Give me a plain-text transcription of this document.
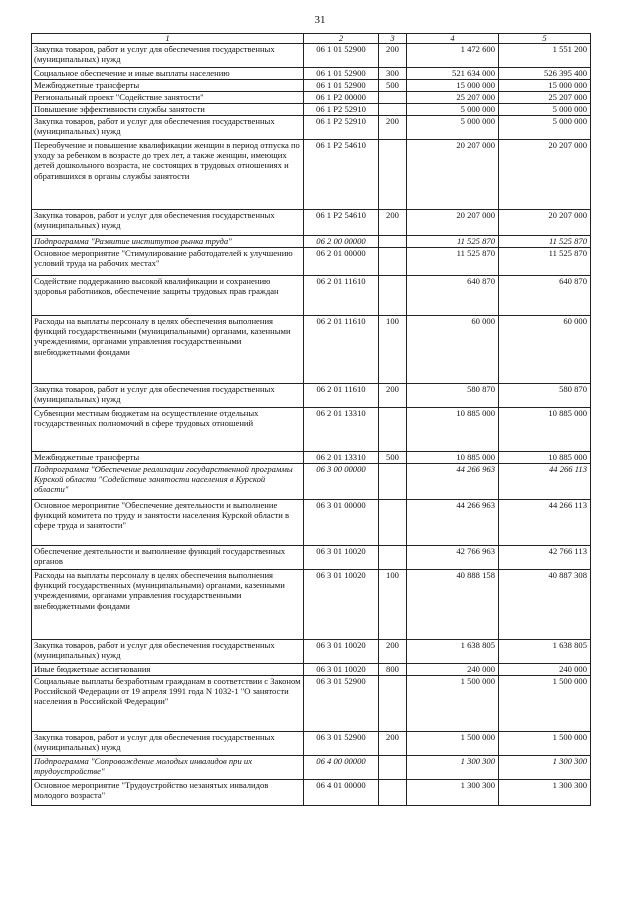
31
1	2	3	4	5
Закупка товаров, работ и услуг для обеспечения государственных (муниципальных) нужд	06 1 01 52900	200	1 472 600	1 551 200
Социальное обеспечение и иные выплаты населению	06 1 01 52900	300	521 634 000	526 395 400
Межбюджетные трансферты	06 1 01 52900	500	15 000 000	15 000 000
Региональный проект "Содействие занятости"	06 1 P2 00000		25 207 000	25 207 000
Повышение эффективности службы занятости	06 1 P2 52910		5 000 000	5 000 000
Закупка товаров, работ и услуг для обеспечения государственных (муниципальных) нужд	06 1 P2 52910	200	5 000 000	5 000 000
Переобучение и повышение квалификации женщин в период отпуска по уходу за ребенком в возрасте до трех лет, а также женщин, имеющих детей дошкольного возраста, не состоящих в трудовых отношениях и обратившихся в органы службы занятости	06 1 P2 54610		20 207 000	20 207 000
Закупка товаров, работ и услуг для обеспечения государственных (муниципальных) нужд	06 1 P2 54610	200	20 207 000	20 207 000
Подпрограмма "Развитие институтов рынка труда"	06 2 00 00000		11 525 870	11 525 870
Основное мероприятие "Стимулирование работодателей к улучшению условий труда на рабочих местах"	06 2 01 00000		11 525 870	11 525 870
Содействие поддержанию высокой квалификации и сохранению здоровья работников, обеспечение защиты трудовых прав граждан	06 2 01 11610		640 870	640 870
Расходы на выплаты персоналу в целях обеспечения выполнения функций государственными (муниципальными) органами, казенными учреждениями, органами управления государственными внебюджетными фондами	06 2 01 11610	100	60 000	60 000
Закупка товаров, работ и услуг для обеспечения государственных (муниципальных) нужд	06 2 01 11610	200	580 870	580 870
Субвенции местным бюджетам на осуществление отдельных государственных полномочий в сфере трудовых отношений	06 2 01 13310		10 885 000	10 885 000
Межбюджетные трансферты	06 2 01 13310	500	10 885 000	10 885 000
Подпрограмма "Обеспечение реализации государственной программы Курской области "Содействие занятости населения в Курской области"	06 3 00 00000		44 266 963	44 266 113
Основное мероприятие "Обеспечение деятельности и выполнение функций комитета по труду и занятости населения Курской области в сфере труда и занятости"	06 3 01 00000		44 266 963	44 266 113
Обеспечение деятельности и выполнение функций государственных органов	06 3 01 10020		42 766 963	42 766 113
Расходы на выплаты персоналу в целях обеспечения выполнения функций государственных (муниципальными) органами, казенными учреждениями, органами управления государственными внебюджетными фондами	06 3 01 10020	100	40 888 158	40 887 308
Закупка товаров, работ и услуг для обеспечения государственных (муниципальных) нужд	06 3 01 10020	200	1 638 805	1 638 805
Иные бюджетные ассигнования	06 3 01 10020	800	240 000	240 000
Социальные выплаты безработным гражданам в соответствии с Законом Российской Федерации от 19 апреля 1991 года N 1032-1 "О занятости населения в Российской Федерации"	06 3 01 52900		1 500 000	1 500 000
Закупка товаров, работ и услуг для обеспечения государственных (муниципальных) нужд	06 3 01 52900	200	1 500 000	1 500 000
Подпрограмма "Сопровождение молодых инвалидов при их трудоустройстве"	06 4 00 00000		1 300 300	1 300 300
Основное мероприятие "Трудоустройство незанятых инвалидов молодого возраста"	06 4 01 00000		1 300 300	1 300 300
